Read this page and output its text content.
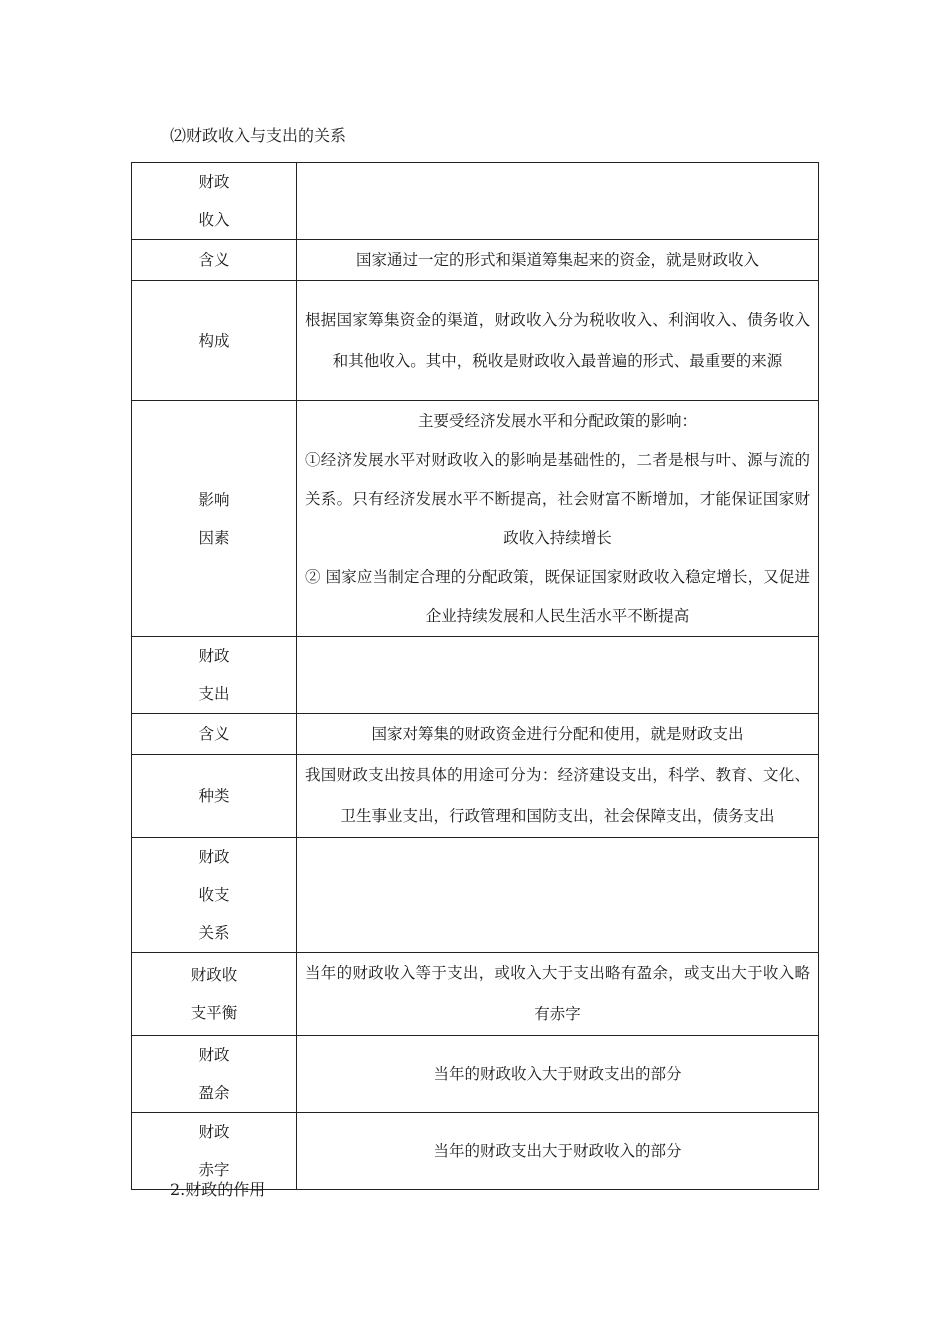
⑵财政收入与支出的关系
财政
收入	

含义	国家通过一定的形式和渠道筹集起来的资金，就是财政收入

构成	根据国家筹集资金的渠道，财政收入分为税收收入、利润收入、债务收入和其他收入。其中，税收是财政收入最普遍的形式、最重要的来源

影响
因素	主要受经济发展水平和分配政策的影响：
①经济发展水平对财政收入的影响是基础性的，二者是根与叶、源与流的关系。只有经济发展水平不断提高，社会财富不断增加，才能保证国家财政收入持续增长
② 国家应当制定合理的分配政策，既保证国家财政收入稳定增长，又促进企业持续发展和人民生活水平不断提高

财政
支出	

含义	国家对筹集的财政资金进行分配和使用，就是财政支出

种类	我国财政支出按具体的用途可分为：经济建设支出，科学、教育、文化、卫生事业支出，行政管理和国防支出，社会保障支出，债务支出

财政
收支
关系	

财政收
支平衡	当年的财政收入等于支出，或收入大于支出略有盈余，或支出大于收入略有赤字

财政
盈余	当年的财政收入大于财政支出的部分

财政
赤字	当年的财政支出大于财政收入的部分
2.财政的作用
